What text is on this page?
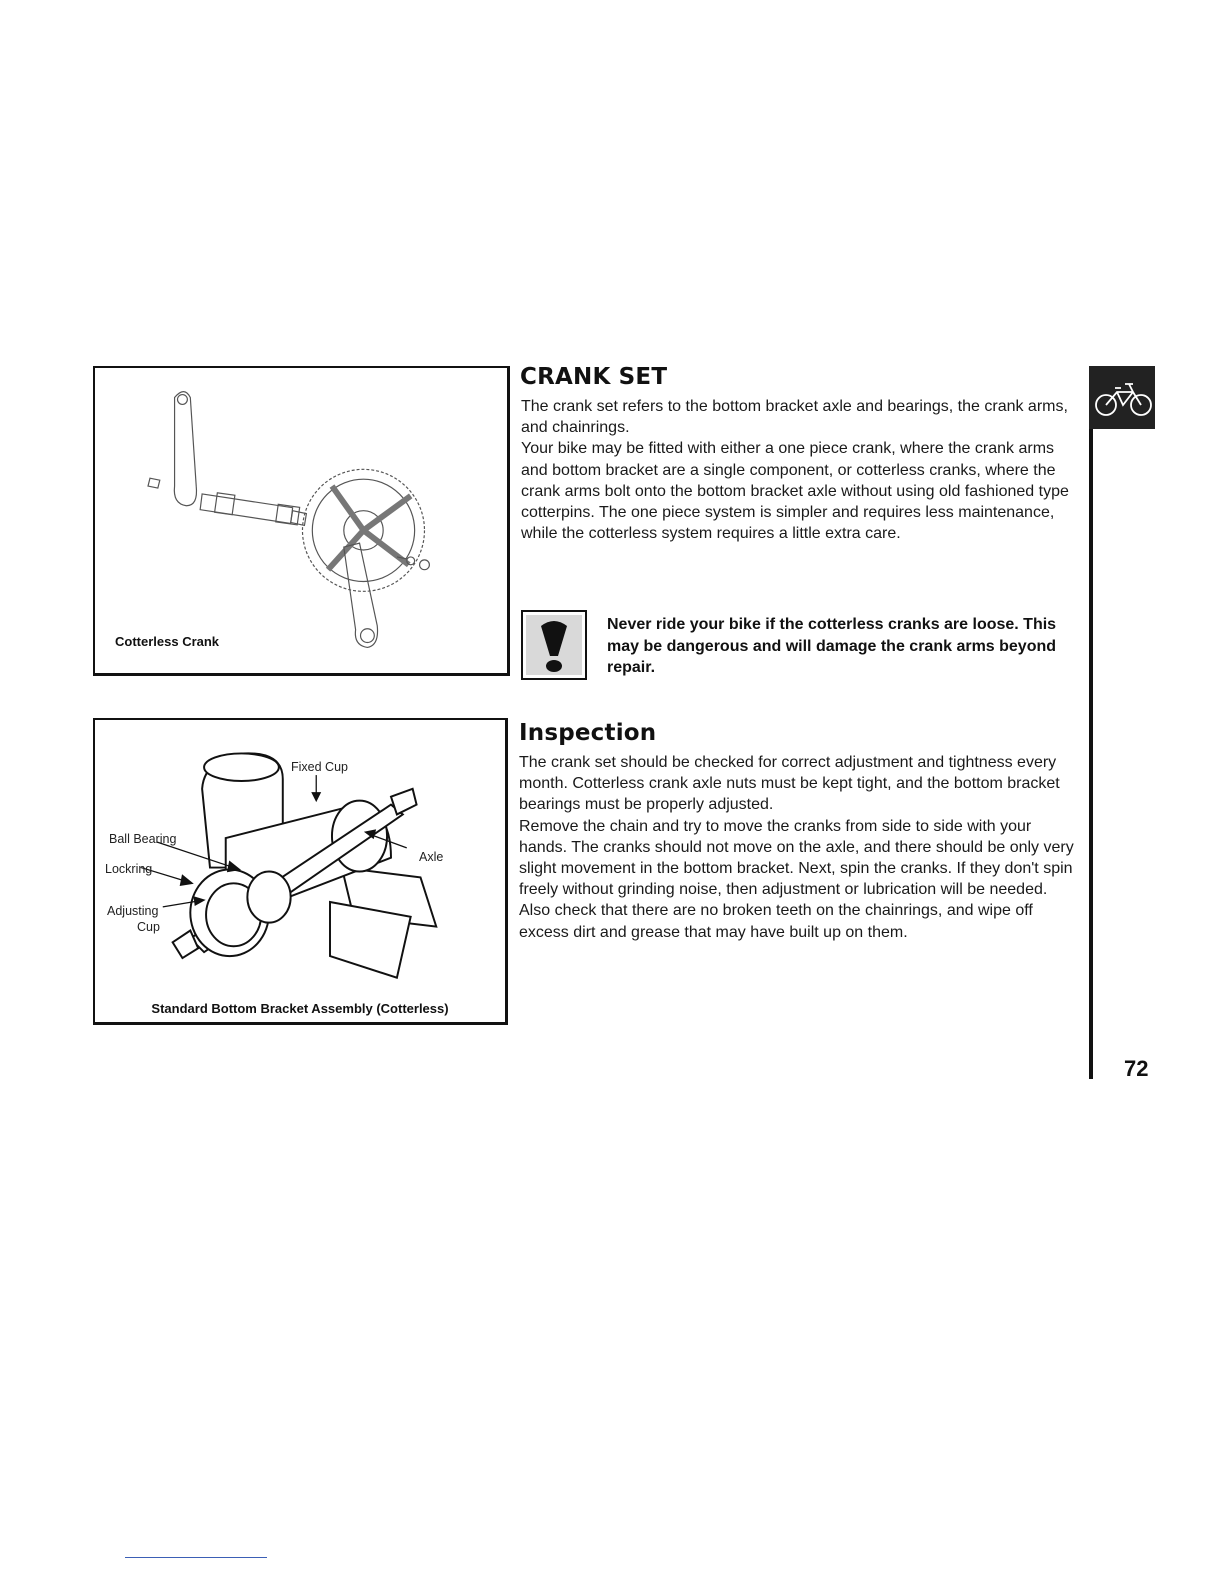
Cotterless Crank
Fixed Cup
Ball Bearing
Lockring
Adjusting
Cup
Axle
Standard Bottom Bracket Assembly (Cotterless)
CRANK SET

The crank set refers to the bottom bracket axle and bearings, the crank arms, and chainrings.

Your bike may be fitted with either a one piece crank, where the crank arms and bottom bracket are a single component, or cotterless cranks, where the crank arms bolt onto the bottom bracket axle without using old fashioned type cotterpins. The one piece system is simpler and requires less maintenance, while the cotterless system requires a little extra care.

Never ride your bike if the cotterless cranks are loose. This may be dangerous and will damage the crank arms beyond repair.
Inspection

The crank set should be checked for correct adjustment and tightness every month. Cotterless crank axle nuts must be kept tight, and the bottom bracket bearings must be properly adjusted.

Remove the chain and try to move the cranks from side to side with your hands. The cranks should not move on the axle, and there should be only very slight movement in the bottom bracket. Next, spin the cranks. If they don't spin freely without grinding noise, then adjustment or lubrication will be needed. Also check that there are no broken teeth on the chainrings, and wipe off excess dirt and grease that may have built up on them.

72
